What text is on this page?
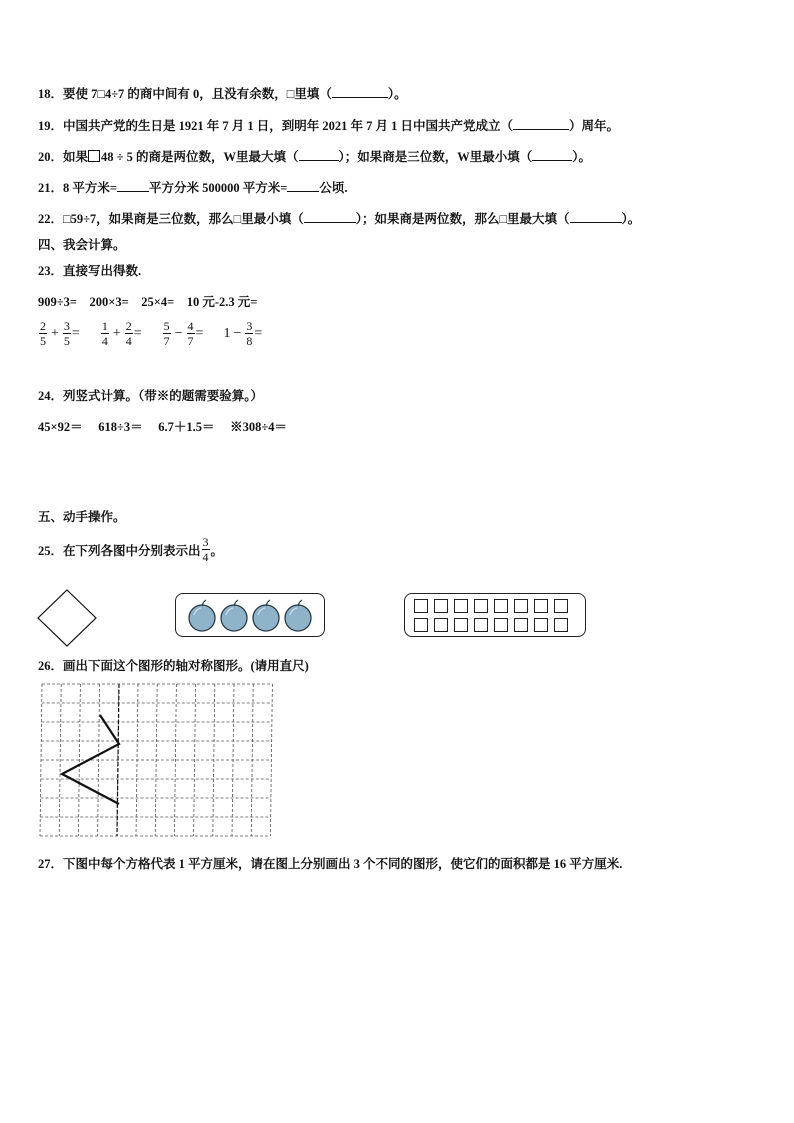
18．要使 7□4÷7 的商中间有 0，且没有余数，□里填（	）。
19．中国共产党的生日是 1921 年 7 月 1 日，到明年 2021 年 7 月 1 日中国共产党成立（	）周年。
20．如果 48 ÷ 5 的商是两位数，W里最大填（	）；如果商是三位数，W里最小填（	）。
21．8 平方米=	平方分米 500000 平方米=	公顷.
22．□59÷7，如果商是三位数，那么□里最小填（	）；如果商是两位数，那么□里最大填（	）。
四、我会计算。
23．直接写出得数.
909÷3=    200×3=    25×4=    10 元-2.3 元=
$\frac{2}{5} + \frac{3}{5} = \frac{1}{4} + \frac{2}{4} = \frac{5}{7} - \frac{4}{7} = 1 - \frac{3}{8}$ =
24．列竖式计算。（带※的题需要验算。）
45×92＝     618÷3＝     6.7＋1.5＝     ※308÷4＝
五、动手操作。
25． 在下列各图中分别表示出 $\frac{3}{4}$ 。
26．画出下面这个图形的轴对称图形。(请用直尺)
27．下图中每个方格代表 1 平方厘米，请在图上分别画出 3 个不同的图形，使它们的面积都是 16 平方厘米.
